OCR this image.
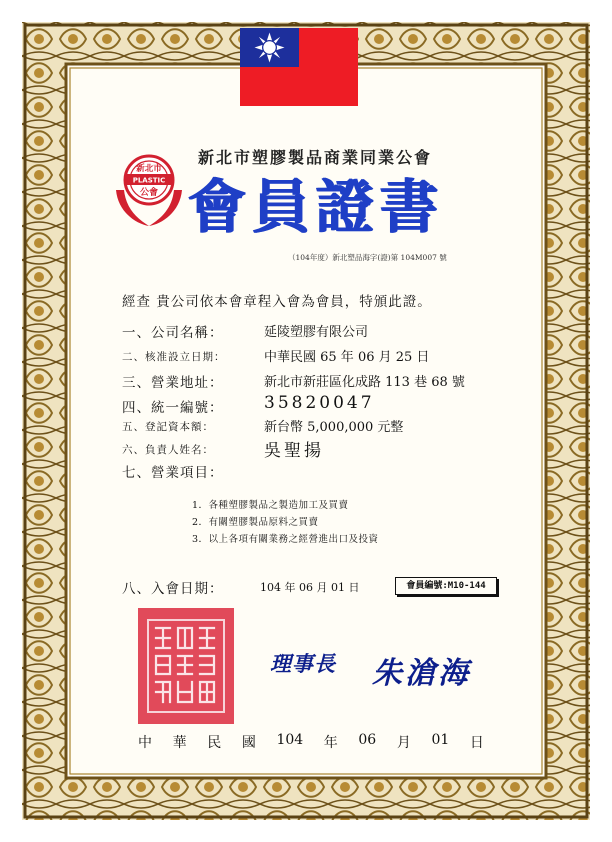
新北市
PLASTIC
公會
新北市塑膠製品商業同業公會
會員證書
（104年度）新北塑品海字(證)第 104M007 號
經查 貴公司依本會章程入會為會員，特頒此證。
一、公司名稱：	延陵塑膠有限公司
二、核准設立日期：	中華民國 65 年 06 月 25 日
三、營業地址：	新北市新莊區化成路 113 巷 68 號
四、統一編號： 35820047
五、登記資本額：	新台幣 5,000,000 元整
六、負責人姓名：	吳聖揚
七、營業項目：
1．各種塑膠製品之製造加工及買賣
2．有關塑膠製品原料之買賣
3．以上各項有關業務之經營進出口及投資
八、入會日期：	104 年 06 月 01 日	會員編號:M10-144
理事長 朱滄海
中 華 民 國 104 年 06 月 01 日
